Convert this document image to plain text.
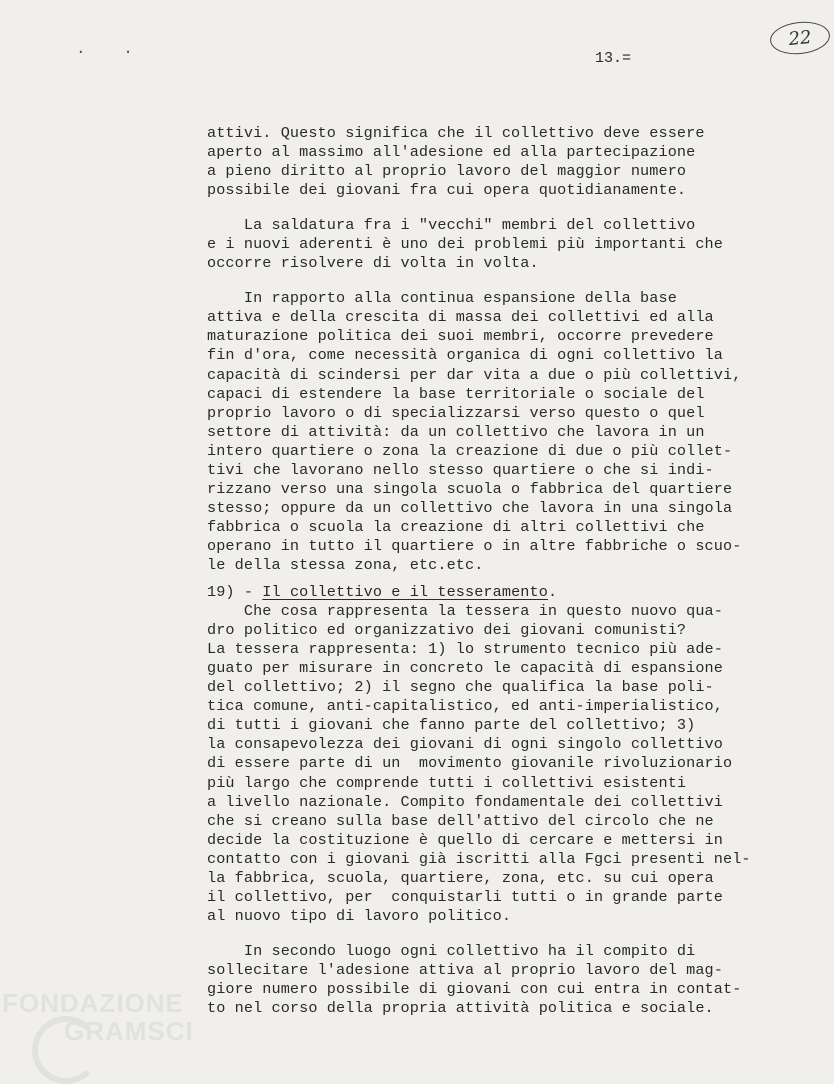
. .
13.=
22
attivi. Questo significa che il collettivo deve essere
aperto al massimo all'adesione ed alla partecipazione
a pieno diritto al proprio lavoro del maggior numero
possibile dei giovani fra cui opera quotidianamente.
La saldatura fra i "vecchi" membri del collettivo
e i nuovi aderenti è uno dei problemi più importanti che
occorre risolvere di volta in volta.
In rapporto alla continua espansione della base
attiva e della crescita di massa dei collettivi ed alla
maturazione politica dei suoi membri, occorre prevedere
fin d'ora, come necessità organica di ogni collettivo la
capacità di scindersi per dar vita a due o più collettivi,
capaci di estendere la base territoriale o sociale del
proprio lavoro o di specializzarsi verso questo o quel
settore di attività: da un collettivo che lavora in un
intero quartiere o zona la creazione di due o più collet-
tivi che lavorano nello stesso quartiere o che si indi-
rizzano verso una singola scuola o fabbrica del quartiere
stesso; oppure da un collettivo che lavora in una singola
fabbrica o scuola la creazione di altri collettivi che
operano in tutto il quartiere o in altre fabbriche o scuo-
le della stessa zona, etc.etc.
19) - Il collettivo e il tesseramento.
Che cosa rappresenta la tessera in questo nuovo qua-
dro politico ed organizzativo dei giovani comunisti?
La tessera rappresenta: 1) lo strumento tecnico più ade-
guato per misurare in concreto le capacità di espansione
del collettivo; 2) il segno che qualifica la base poli-
tica comune, anti-capitalistico, ed anti-imperialistico,
di tutti i giovani che fanno parte del collettivo; 3)
la consapevolezza dei giovani di ogni singolo collettivo
di essere parte di un  movimento giovanile rivoluzionario
più largo che comprende tutti i collettivi esistenti
a livello nazionale. Compito fondamentale dei collettivi
che si creano sulla base dell'attivo del circolo che ne
decide la costituzione è quello di cercare e mettersi in
contatto con i giovani già iscritti alla Fgci presenti nel-
la fabbrica, scuola, quartiere, zona, etc. su cui opera
il collettivo, per  conquistarli tutti o in grande parte
al nuovo tipo di lavoro politico.
In secondo luogo ogni collettivo ha il compito di
sollecitare l'adesione attiva al proprio lavoro del mag-
giore numero possibile di giovani con cui entra in contat-
to nel corso della propria attività politica e sociale.
FONDAZIONE
GRAMSCI
